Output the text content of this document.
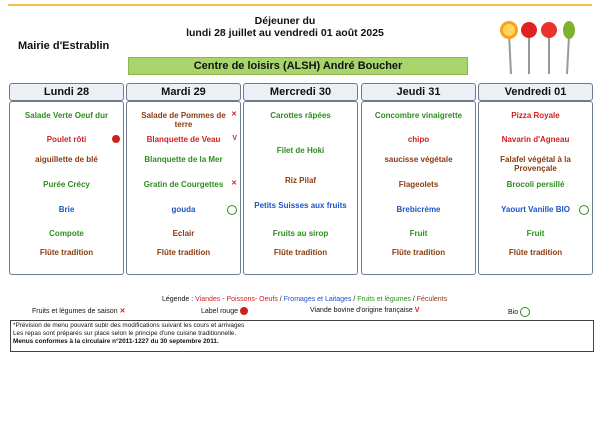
Mairie d'Estrablin
Déjeuner du
lundi 28 juillet au vendredi 01 août 2025
Centre de loisirs (ALSH) André Boucher
Lundi 28
Salade Verte Oeuf dur
Poulet rôti
aiguillette de blé
Purée Crécy
Brie
Compote
Flûte tradition
Mardi 29
Salade de Pommes de terre
✕
Blanquette de Veau	V
Blanquette de la Mer
Gratin de Courgettes	✕
gouda
Eclair
Flûte tradition
Mercredi 30
Carottes râpées
Filet de Hoki
Riz Pilaf
Petits Suisses aux fruits
Fruits au sirop
Flûte tradition
Jeudi 31
Concombre vinaigrette
chipo
saucisse végétale
Flageolets
Brebicrème
Fruit
Flûte tradition
Vendredi 01
Pizza Royale
Navarin d'Agneau
Falafel végétal à la Provençale
Brocoli persillé
Yaourt Vanille BIO
Fruit
Flûte tradition
Légende : Viandes - Poissons- Oeufs / Fromages et Laitages / Fruits et légumes / Féculents
Fruits et légumes de saison ✕	Label rouge	Viande bovine d'origine française V	Bio
*Prévision de menu pouvant subir des modifications suivant les cours et arrivages
Les repas sont préparés sur place selon le principe d'une cuisine traditionnelle.
Menus conformes à la circulaire n°2011-1227 du 30 septembre 2011.
